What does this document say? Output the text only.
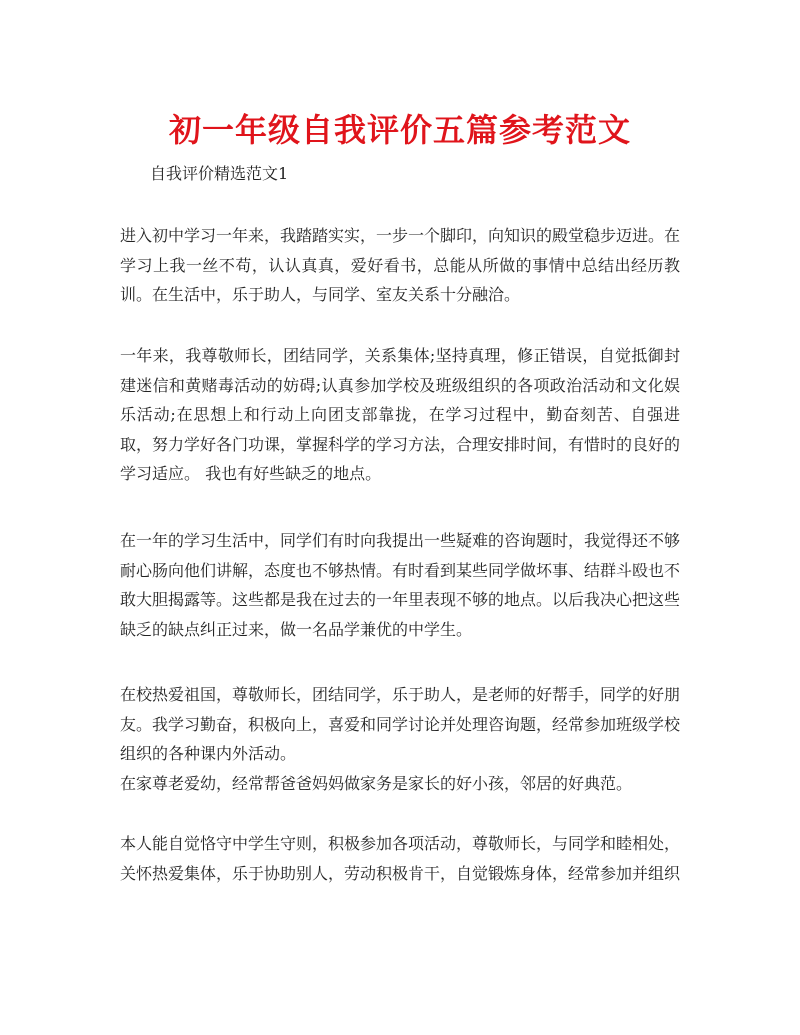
初一年级自我评价五篇参考范文
自我评价精选范文1
进入初中学习一年来，我踏踏实实，一步一个脚印，向知识的殿堂稳步迈进。在学习上我一丝不苟，认认真真，爱好看书，总能从所做的事情中总结出经历教训。在生活中，乐于助人，与同学、室友关系十分融洽。
一年来，我尊敬师长，团结同学，关系集体;坚持真理，修正错误，自觉抵御封建迷信和黄赌毒活动的妨碍;认真参加学校及班级组织的各项政治活动和文化娱乐活动;在思想上和行动上向团支部靠拢，在学习过程中，勤奋刻苦、自强进取，努力学好各门功课，掌握科学的学习方法，合理安排时间，有惜时的良好的学习适应。 我也有好些缺乏的地点。
在一年的学习生活中，同学们有时向我提出一些疑难的咨询题时，我觉得还不够耐心肠向他们讲解，态度也不够热情。有时看到某些同学做坏事、结群斗殴也不敢大胆揭露等。这些都是我在过去的一年里表现不够的地点。以后我决心把这些缺乏的缺点纠正过来，做一名品学兼优的中学生。
在校热爱祖国，尊敬师长，团结同学，乐于助人，是老师的好帮手，同学的好朋友。我学习勤奋，积极向上，喜爱和同学讨论并处理咨询题，经常参加班级学校组织的各种课内外活动。
在家尊老爱幼，经常帮爸爸妈妈做家务是家长的好小孩，邻居的好典范。
本人能自觉恪守中学生守则，积极参加各项活动，尊敬师长，与同学和睦相处，关怀热爱集体，乐于协助别人，劳动积极肯干，自觉锻炼身体，经常参加并组织
